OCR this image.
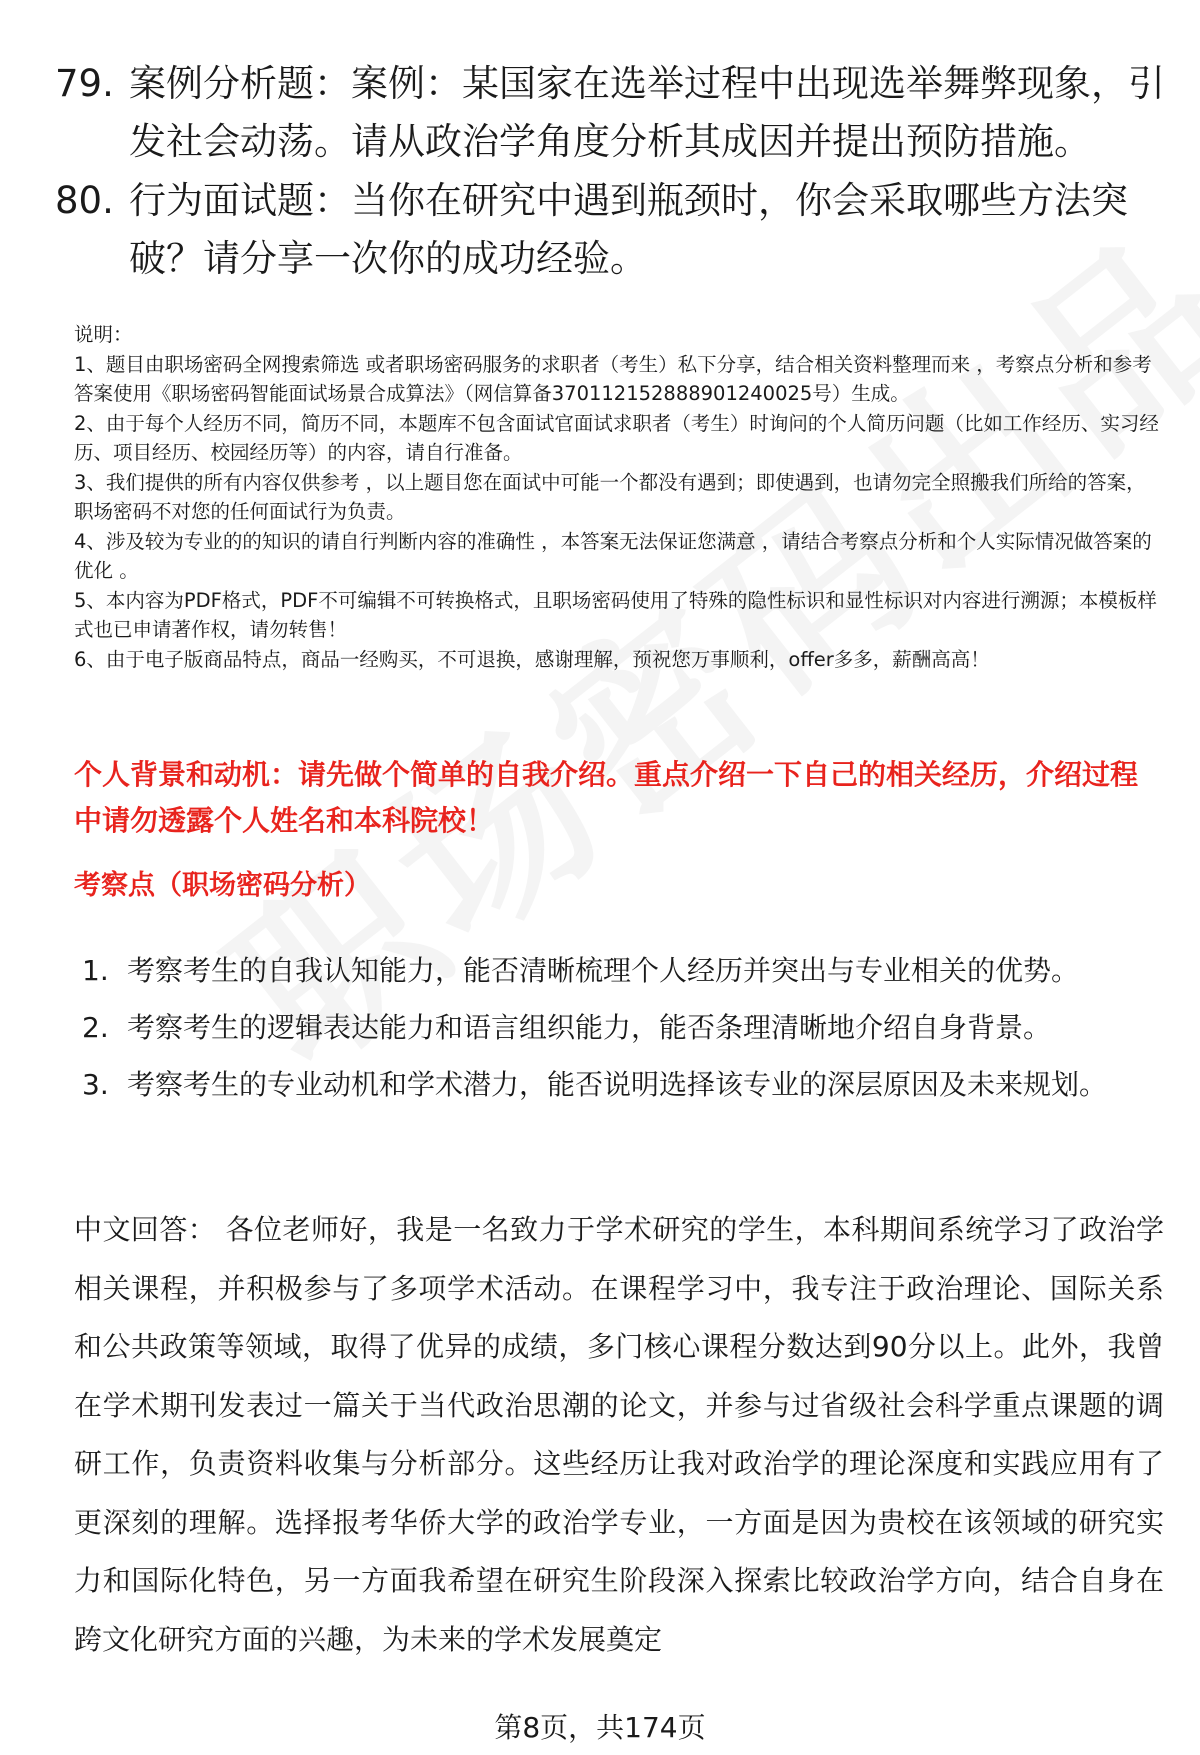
79. 案例分析题：案例：某国家在选举过程中出现选举舞弊现象，引发社会动荡。请从政治学角度分析其成因并提出预防措施。
80. 行为面试题：当你在研究中遇到瓶颈时，你会采取哪些方法突破？请分享一次你的成功经验。

说明：

1、题目由职场密码全网搜索筛选 或者职场密码服务的求职者（考生）私下分享，结合相关资料整理而来 ，考察点分析和参考答案使用《职场密码智能面试场景合成算法》（网信算备370112152888901240025号）生成。

2、由于每个人经历不同，简历不同，本题库不包含面试官面试求职者（考生）时询问的个人简历问题（比如工作经历、实习经历、项目经历、校园经历等）的内容，请自行准备。

3、我们提供的所有内容仅供参考 ，以上题目您在面试中可能一个都没有遇到；即使遇到，也请勿完全照搬我们所给的答案，职场密码不对您的任何面试行为负责。

4、涉及较为专业的的知识的请自行判断内容的准确性 ，本答案无法保证您满意 ，请结合考察点分析和个人实际情况做答案的优化 。

5、本内容为PDF格式，PDF不可编辑不可转换格式，且职场密码使用了特殊的隐性标识和显性标识对内容进行溯源；本模板样式也已申请著作权，请勿转售！

6、由于电子版商品特点，商品一经购买，不可退换，感谢理解，预祝您万事顺利，offer多多，薪酬高高！

个人背景和动机：请先做个简单的自我介绍。重点介绍一下自己的相关经历，介绍过程中请勿透露个人姓名和本科院校！
考察点（职场密码分析）
1. 考察考生的自我认知能力，能否清晰梳理个人经历并突出与专业相关的优势。
2. 考察考生的逻辑表达能力和语言组织能力，能否条理清晰地介绍自身背景。
3. 考察考生的专业动机和学术潜力，能否说明选择该专业的深层原因及未来规划。
中文回答： 各位老师好，我是一名致力于学术研究的学生，本科期间系统学习了政治学相关课程，并积极参与了多项学术活动。在课程学习中，我专注于政治理论、国际关系和公共政策等领域，取得了优异的成绩，多门核心课程分数达到90分以上。此外，我曾在学术期刊发表过一篇关于当代政治思潮的论文，并参与过省级社会科学重点课题的调研工作，负责资料收集与分析部分。这些经历让我对政治学的理论深度和实践应用有了更深刻的理解。选择报考华侨大学的政治学专业，一方面是因为贵校在该领域的研究实力和国际化特色，另一方面我希望在研究生阶段深入探索比较政治学方向，结合自身在跨文化研究方面的兴趣，为未来的学术发展奠定
第8页，共174页
